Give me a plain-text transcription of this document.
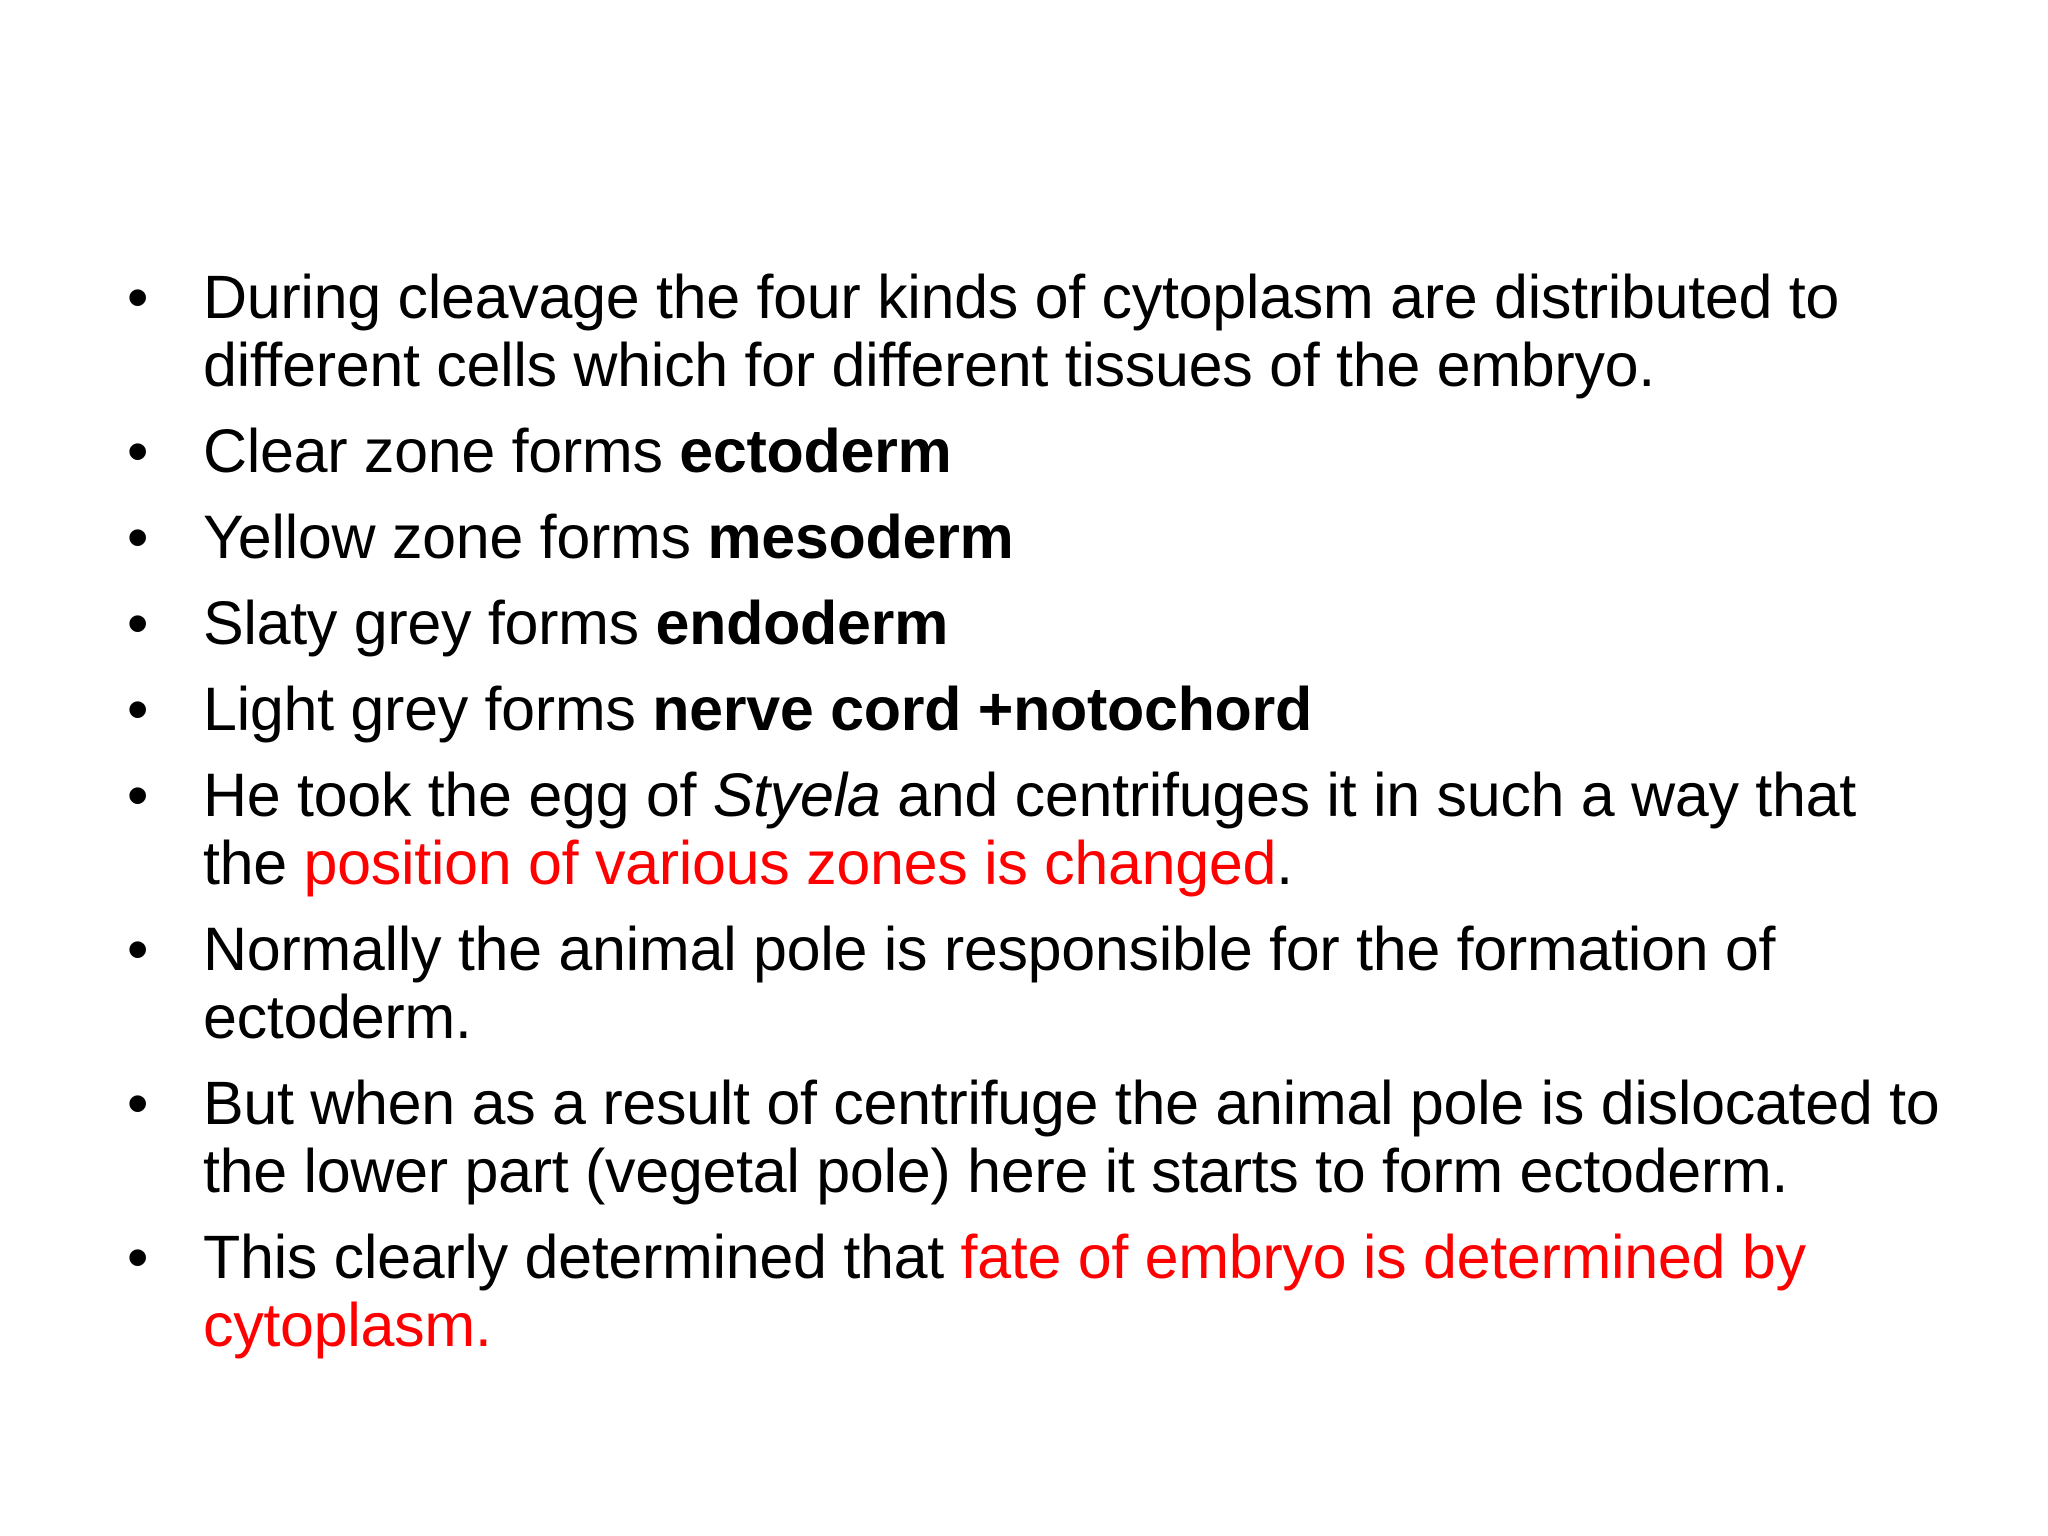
• During cleavage the four kinds of cytoplasm are distributed to different cells which for different tissues of the embryo.
• Clear zone forms ectoderm
• Yellow zone forms mesoderm
• Slaty grey forms endoderm
• Light grey forms nerve cord +notochord
• He took the egg of Styela and centrifuges it in such a way that the position of various zones is changed.
• Normally the animal pole is responsible for the formation of ectoderm.
• But when as a result of centrifuge the animal pole is dislocated to the lower part (vegetal pole) here it starts to form ectoderm.
• This clearly determined that fate of embryo is determined by cytoplasm.
